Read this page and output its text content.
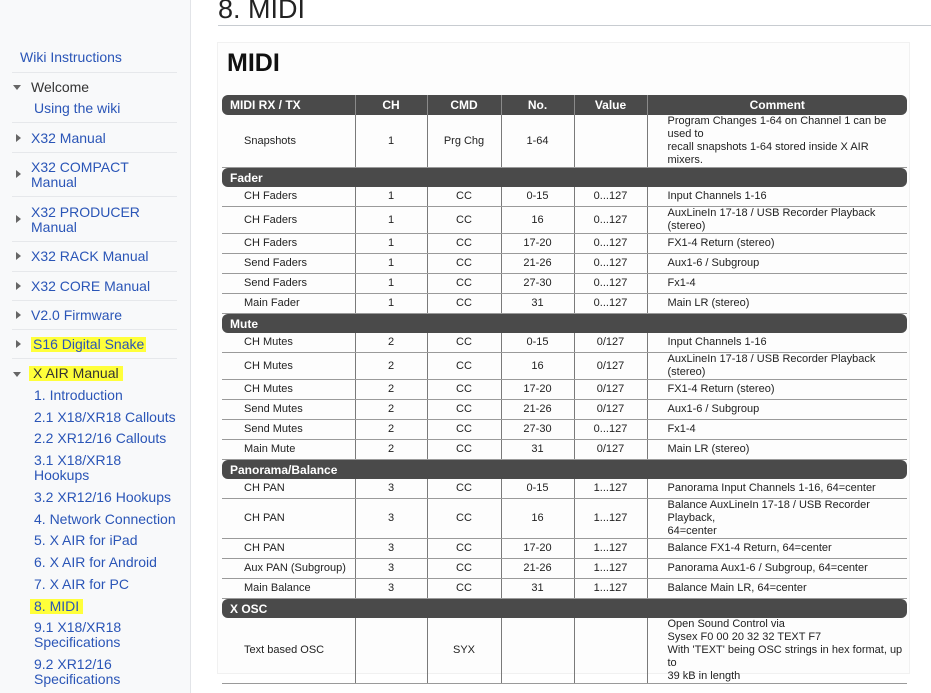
Wiki Instructions
Welcome
Using the wiki
X32 Manual
X32 COMPACT
Manual
X32 PRODUCER
Manual
X32 RACK Manual
X32 CORE Manual
V2.0 Firmware
S16 Digital Snake
X AIR Manual
1. Introduction
2.1 X18/XR18 Callouts
2.2 XR12/16 Callouts
3.1 X18/XR18
Hookups
3.2 XR12/16 Hookups
4. Network Connection
5. X AIR for iPad
6. X AIR for Android
7. X AIR for PC
8. MIDI
9.1 X18/XR18
Specifications
9.2 XR12/16
Specifications
8. MIDI
MIDI
MIDI RX / TX	CH	CMD	No.	Value	Comment
Snapshots	1	Prg Chg	1-64		Program Changes 1-64 on Channel 1 can be used to
recall snapshots 1-64 stored inside X AIR mixers.
Fader					
CH Faders	1	CC	0-15	0...127	Input Channels 1-16
CH Faders	1	CC	16	0...127	AuxLineIn 17-18 / USB Recorder Playback (stereo)
CH Faders	1	CC	17-20	0...127	FX1-4 Return (stereo)
Send Faders	1	CC	21-26	0...127	Aux1-6 / Subgroup
Send Faders	1	CC	27-30	0...127	Fx1-4
Main Fader	1	CC	31	0...127	Main LR (stereo)
Mute					
CH Mutes	2	CC	0-15	0/127	Input Channels 1-16
CH Mutes	2	CC	16	0/127	AuxLineIn 17-18 / USB Recorder Playback (stereo)
CH Mutes	2	CC	17-20	0/127	FX1-4 Return (stereo)
Send Mutes	2	CC	21-26	0/127	Aux1-6 / Subgroup
Send Mutes	2	CC	27-30	0...127	Fx1-4
Main Mute	2	CC	31	0/127	Main LR (stereo)
Panorama/Balance					
CH PAN	3	CC	0-15	1...127	Panorama Input Channels 1-16, 64=center
CH PAN	3	CC	16	1...127	Balance AuxLineIn 17-18 / USB Recorder Playback,
64=center
CH PAN	3	CC	17-20	1...127	Balance FX1-4 Return, 64=center
Aux PAN (Subgroup)	3	CC	21-26	1...127	Panorama Aux1-6 / Subgroup, 64=center
Main Balance	3	CC	31	1...127	Balance Main LR, 64=center
X OSC					
Text based OSC		SYX			Open Sound Control via
Sysex F0 00 20 32 32 TEXT F7
With 'TEXT' being OSC strings in hex format, up to
39 kB in length
